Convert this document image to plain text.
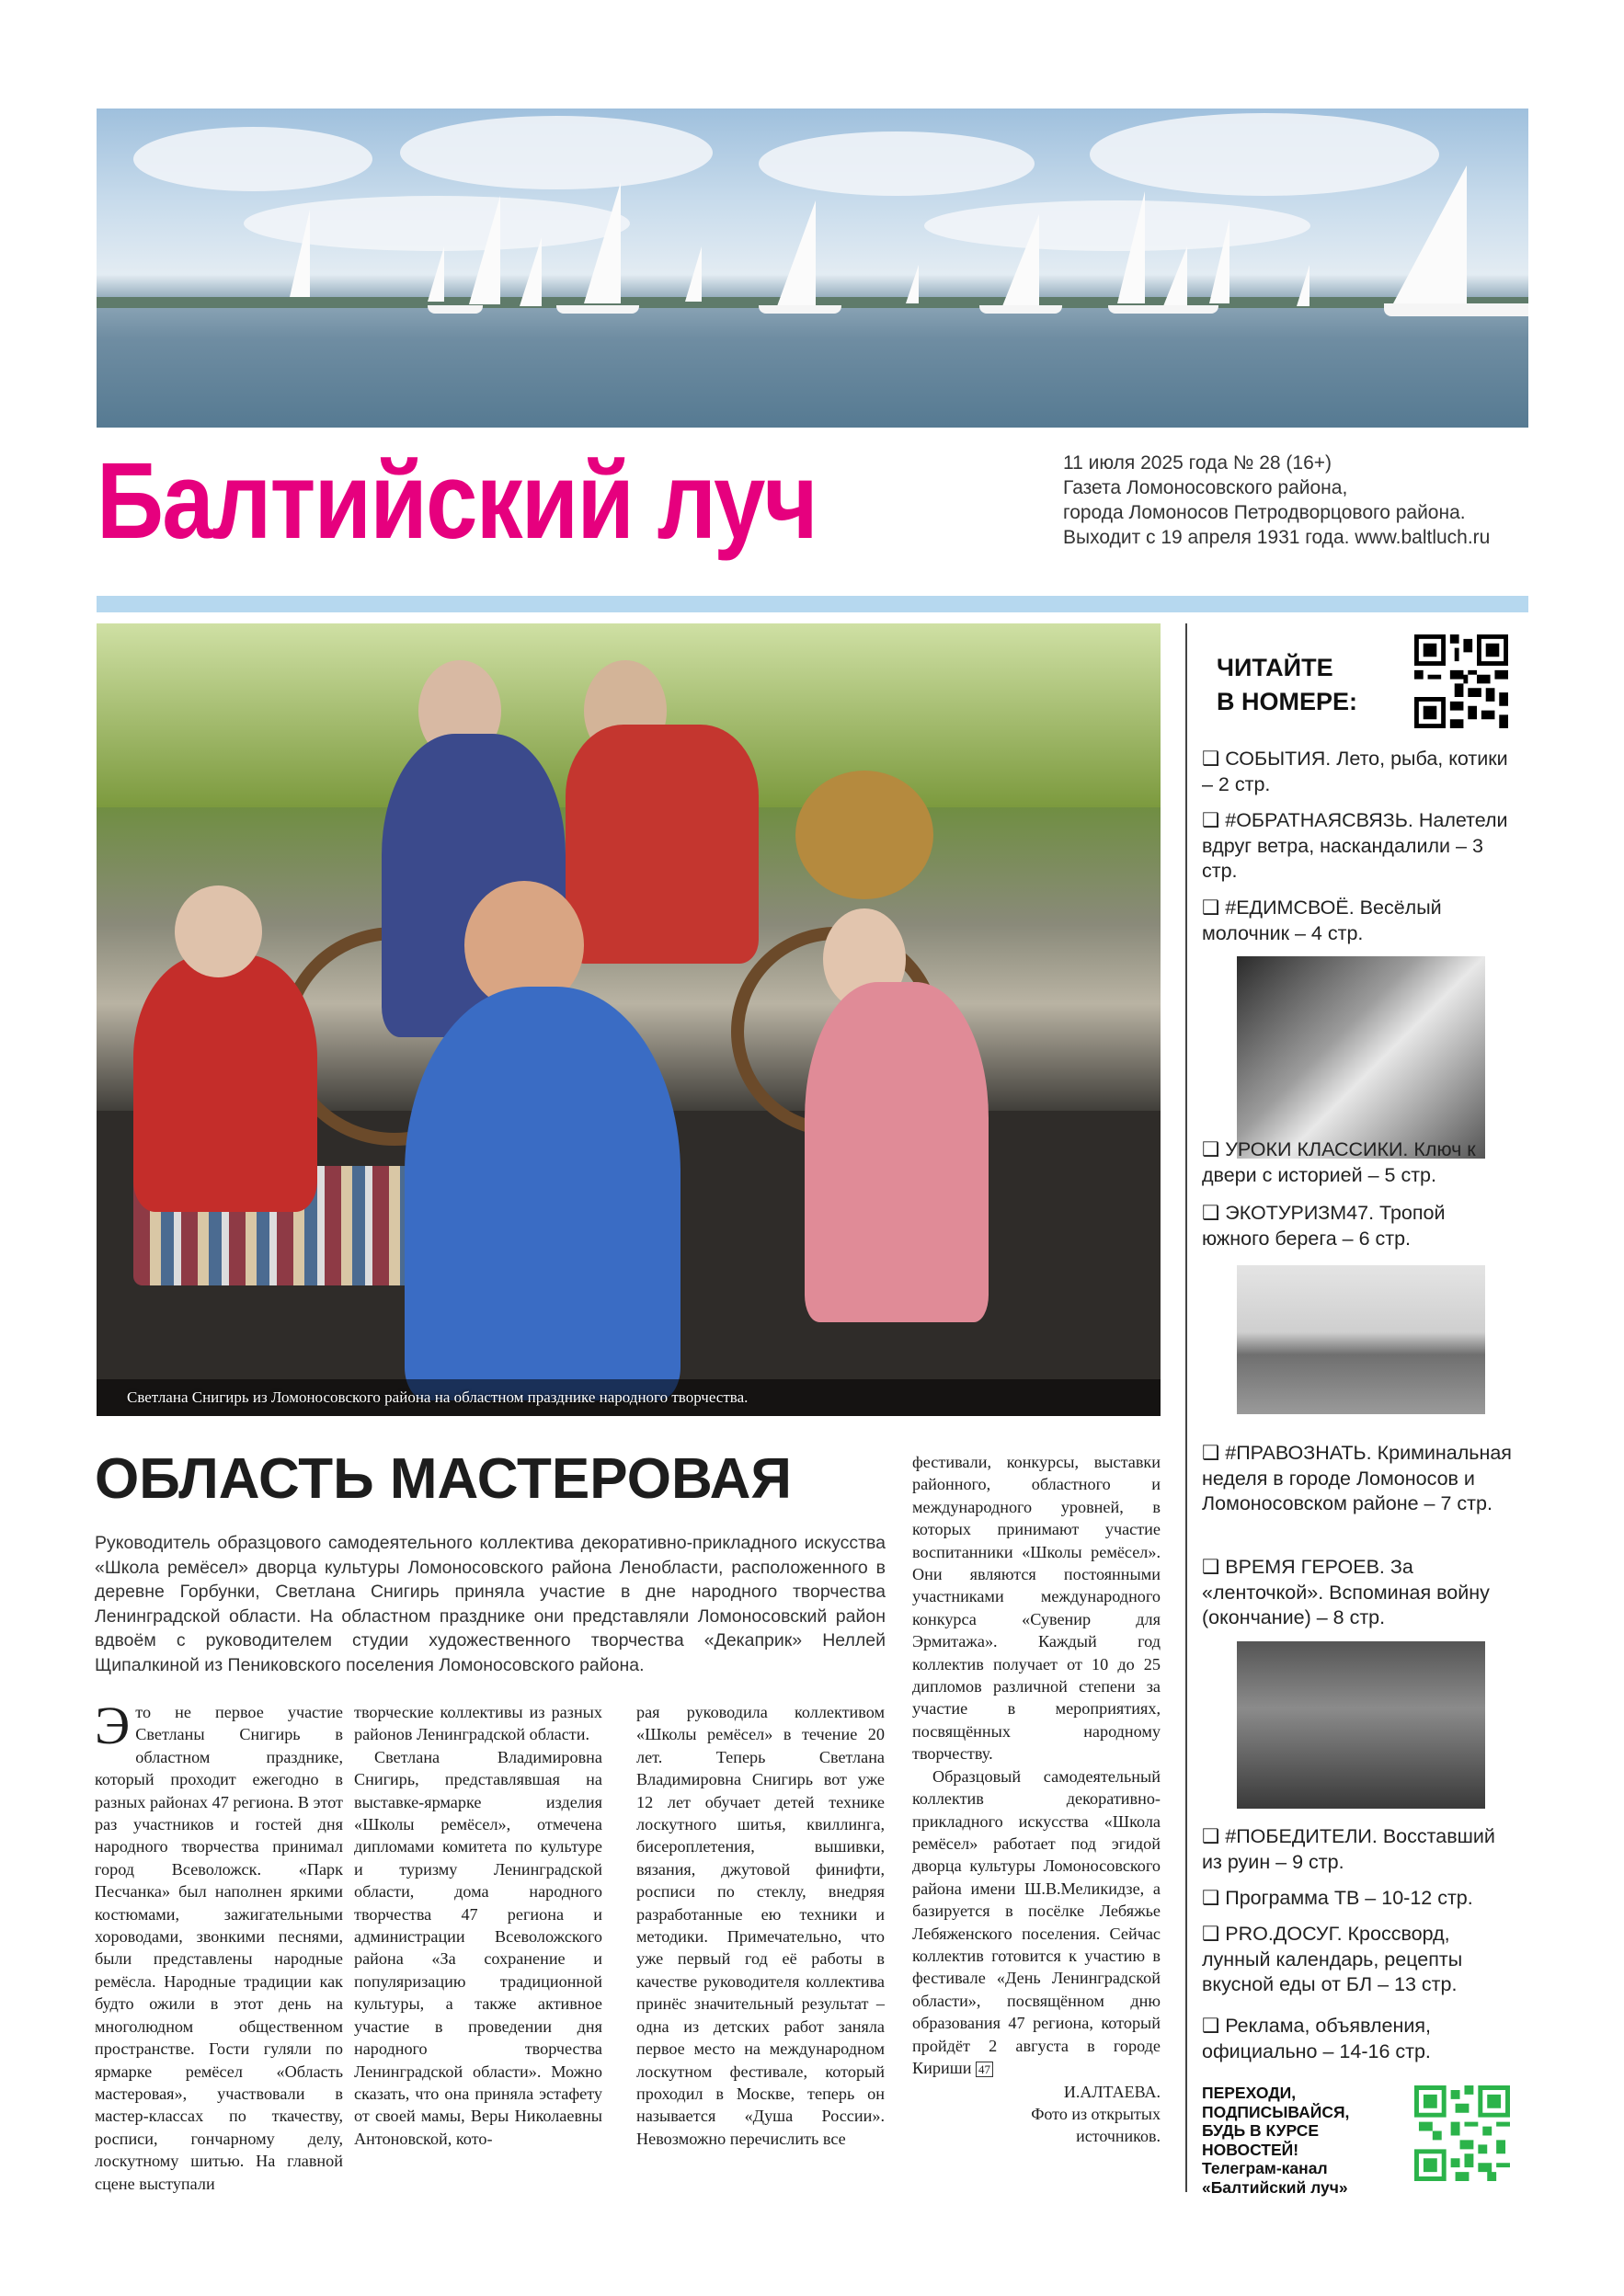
Балтийский луч	11 июля 2025 года № 28 (16+)
Газета Ломоносовского района,
города Ломоносов Петродворцового района.
Выходит с 19 апреля 1931 года. www.baltluch.ru
Светлана Снигирь из Ломоносовского района на областном празднике народного творчества.
ОБЛАСТЬ МАСТЕРОВАЯ
Руководитель образцового самодеятельного коллектива декоративно-прикладного искусства «Школа ремёсел» дворца культуры Ломоносовского района Ленобласти, расположенного в деревне Горбунки, Светлана Снигирь приняла участие в дне народного творчества Ленинградской области. На областном празднике они представляли Ломоносовский район вдвоём с руководителем студии художественного творчества «Декаприк» Неллей Щипалкиной из Пениковского поселения Ломоносовского района.
Это не первое участие Светланы Снигирь в областном празднике, который проходит ежегодно в разных районах 47 региона. В этот раз участников и гостей дня народного творчества принимал город Всеволожск. «Парк Песчанка» был наполнен яркими костюмами, зажигательными хороводами, звонкими песнями, были представлены народные ремёсла. Народные традиции как будто ожили в этот день на многолюдном общественном пространстве. Гости гуляли по ярмарке ремёсел «Область мастеровая», участвовали в мастер-классах по ткачеству, росписи, гончарному делу, лоскутному шитью. На главной сцене выступали

творческие коллективы из разных районов Ленинградской области.

Светлана Владимировна Снигирь, представлявшая на выставке-ярмарке изделия «Школы ремёсел», отмечена дипломами комитета по культуре и туризму Ленинградской области, дома народного творчества 47 региона и администрации Всеволожского района «За сохранение и популяризацию традиционной культуры, а также активное участие в проведении дня народного творчества Ленинградской области». Можно сказать, что она приняла эстафету от своей мамы, Веры Николаевны Антоновской, кото-

рая руководила коллективом «Школы ремёсел» в течение 20 лет. Теперь Светлана Владимировна Снигирь вот уже 12 лет обучает детей технике лоскутного шитья, квиллинга, бисероплетения, вышивки, вязания, джутовой финифти, росписи по стеклу, внедряя разработанные ею техники и методики. Примечательно, что уже первый год её работы в качестве руководителя коллектива принёс значительный результат – одна из детских работ заняла первое место на международном лоскутном фестивале, который проходил в Москве, теперь он называется «Душа России». Невозможно перечислить все

фестивали, конкурсы, выставки районного, областного и международного уровней, в которых принимают участие воспитанники «Школы ремёсел». Они являются постоянными участниками международного конкурса «Сувенир для Эрмитажа». Каждый год коллектив получает от 10 до 25 дипломов различной степени за участие в мероприятиях, посвящённых народному творчеству.

Образцовый самодеятельный коллектив декоративно-прикладного искусства «Школа ремёсел» работает под эгидой дворца культуры Ломоносовского района имени Ш.В.Меликидзе, а базируется в посёлке Лебяжье Лебяженского поселения. Сейчас коллектив готовится к участию в фестивале «День Ленинградской области», посвящённом дню образования 47 региона, который пройдёт 2 августа в городе Кириши 47

И.АЛТАЕВА.
Фото из открытых
источников.
ЧИТАЙТЕ
В НОМЕРЕ:
❑ СОБЫТИЯ. Лето, рыба, котики – 2 стр.
❑ #ОБРАТНАЯСВЯЗЬ. Налетели вдруг ветра, наскандалили – 3 стр.
❑ #ЕДИМСВОЁ. Весёлый молочник – 4 стр.
❑ УРОКИ КЛАССИКИ. Ключ к двери с историей – 5 стр.
❑ ЭКОТУРИЗМ47. Тропой южного берега – 6 стр.
❑ #ПРАВОЗНАТЬ. Криминальная неделя в городе Ломоносов и Ломоносовском районе – 7 стр.
❑ ВРЕМЯ ГЕРОЕВ. За «ленточкой». Вспоминая войну (окончание) – 8 стр.
❑ #ПОБЕДИТЕЛИ. Восставший из руин – 9 стр.
❑ Программа ТВ – 10-12 стр.
❑ PRO.ДОСУГ. Кроссворд, лунный календарь, рецепты вкусной еды от БЛ – 13 стр.
❑ Реклама, объявления, официально – 14-16 стр.
ПЕРЕХОДИ,
ПОДПИСЫВАЙСЯ,
БУДЬ В КУРСЕ
НОВОСТЕЙ!
Телеграм-канал
«Балтийский луч»
